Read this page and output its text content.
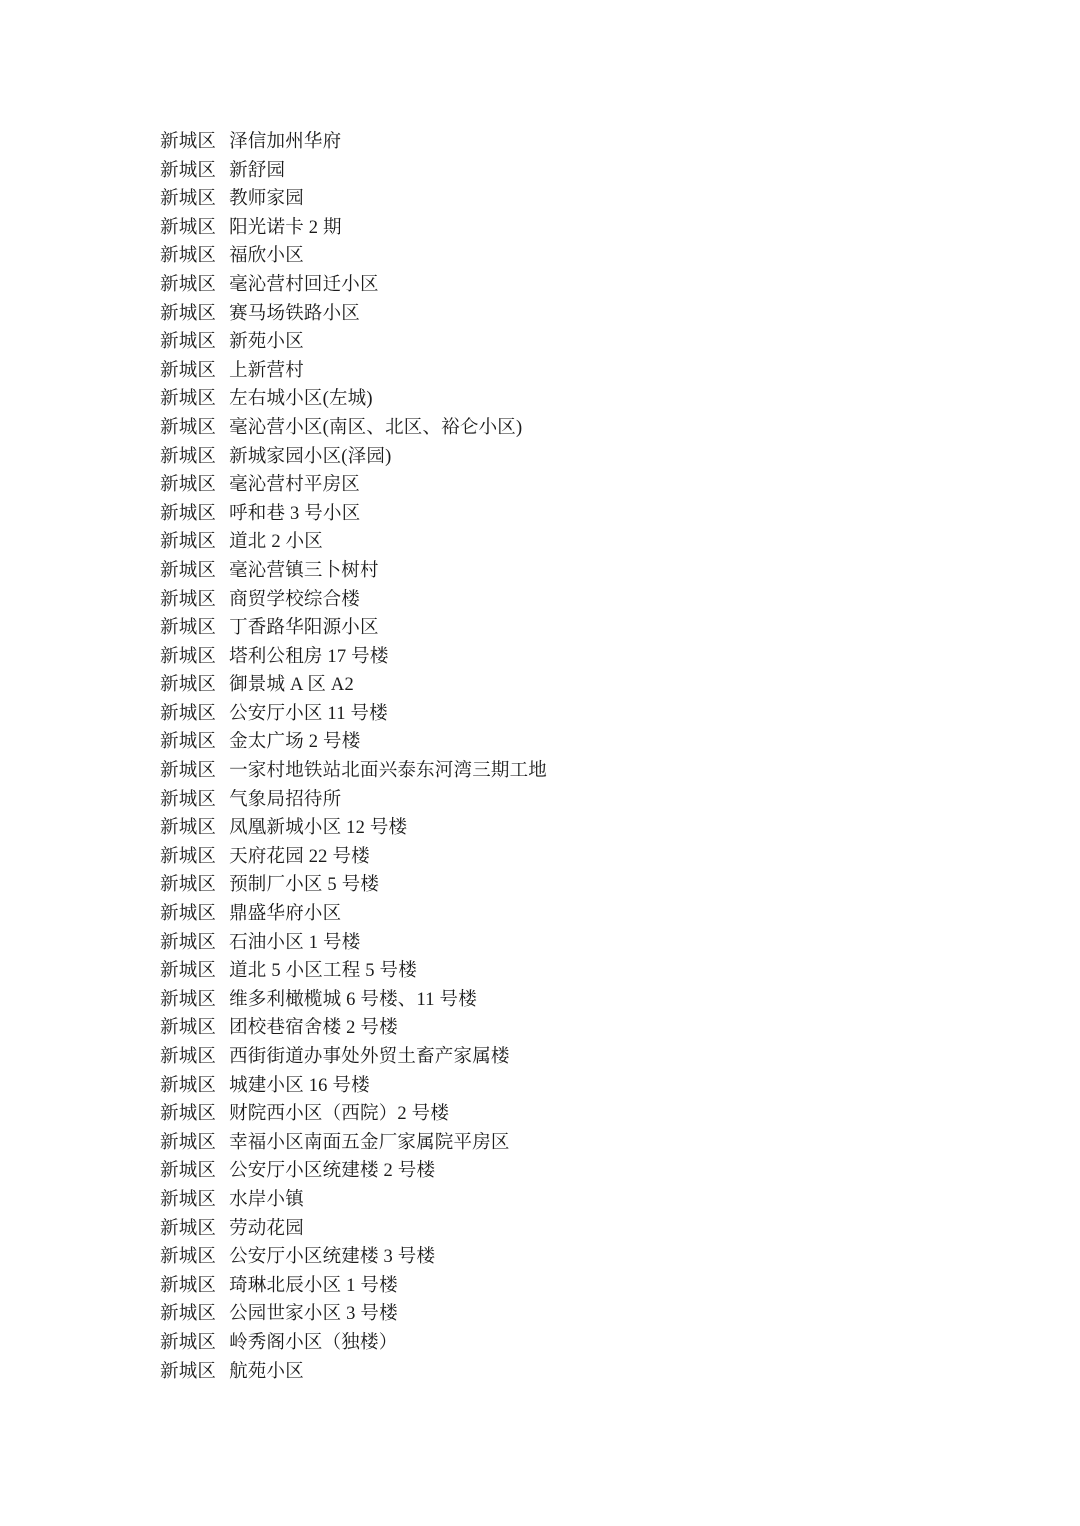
新城区 泽信加州华府
新城区 新舒园
新城区 教师家园
新城区 阳光诺卡 2 期
新城区 福欣小区
新城区 毫沁营村回迁小区
新城区 赛马场铁路小区
新城区 新苑小区
新城区 上新营村
新城区 左右城小区(左城)
新城区 毫沁营小区(南区、北区、裕仑小区)
新城区 新城家园小区(泽园)
新城区 毫沁营村平房区
新城区 呼和巷 3 号小区
新城区 道北 2 小区
新城区 毫沁营镇三卜树村
新城区 商贸学校综合楼
新城区 丁香路华阳源小区
新城区 塔利公租房 17 号楼
新城区 御景城 A 区 A2
新城区 公安厅小区 11 号楼
新城区 金太广场 2 号楼
新城区 一家村地铁站北面兴泰东河湾三期工地
新城区 气象局招待所
新城区 凤凰新城小区 12 号楼
新城区 天府花园 22 号楼
新城区 预制厂小区 5 号楼
新城区 鼎盛华府小区
新城区 石油小区 1 号楼
新城区 道北 5 小区工程 5 号楼
新城区 维多利橄榄城 6 号楼、11 号楼
新城区 团校巷宿舍楼 2 号楼
新城区 西街街道办事处外贸土畜产家属楼
新城区 城建小区 16 号楼
新城区 财院西小区（西院）2 号楼
新城区 幸福小区南面五金厂家属院平房区
新城区 公安厅小区统建楼 2 号楼
新城区 水岸小镇
新城区 劳动花园
新城区 公安厅小区统建楼 3 号楼
新城区 琦琳北辰小区 1 号楼
新城区 公园世家小区 3 号楼
新城区 岭秀阁小区（独楼）
新城区 航苑小区
